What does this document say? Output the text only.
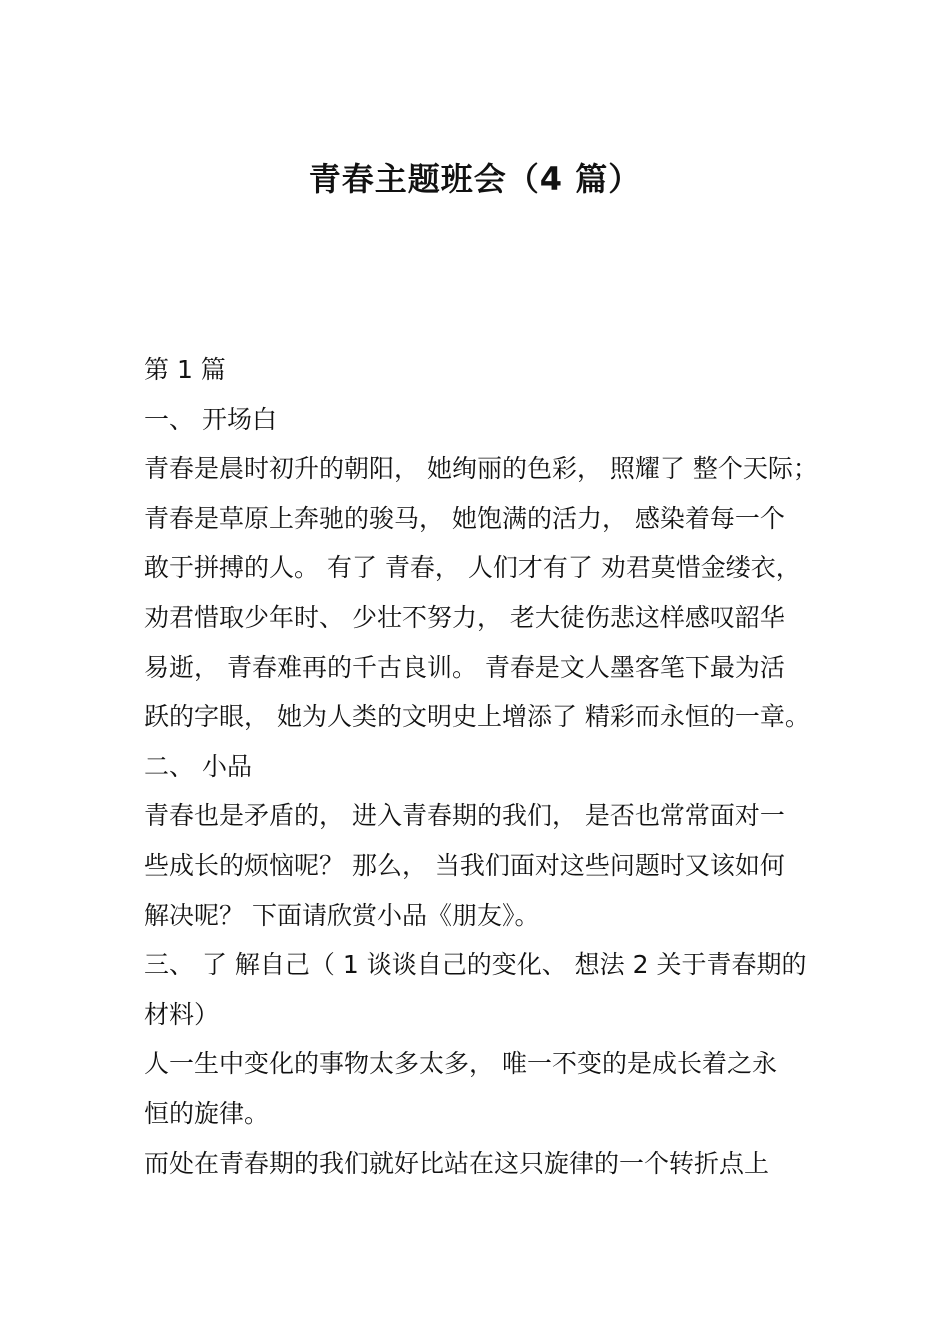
青春主题班会（4 篇）

第 1 篇

一、 开场白

青春是晨时初升的朝阳， 她绚丽的色彩， 照耀了 整个天际；

青春是草原上奔驰的骏马， 她饱满的活力， 感染着每一个

敢于拼搏的人。 有了 青春， 人们才有了 劝君莫惜金缕衣，

劝君惜取少年时、 少壮不努力， 老大徒伤悲这样感叹韶华

易逝， 青春难再的千古良训。 青春是文人墨客笔下最为活

跃的字眼， 她为人类的文明史上增添了 精彩而永恒的一章。

二、 小品

青春也是矛盾的， 进入青春期的我们， 是否也常常面对一

些成长的烦恼呢？ 那么， 当我们面对这些问题时又该如何

解决呢？ 下面请欣赏小品《朋友》。

三、 了 解自己（ 1 谈谈自己的变化、 想法 2 关于青春期的

材料）

人一生中变化的事物太多太多， 唯一不变的是成长着之永

恒的旋律。

而处在青春期的我们就好比站在这只旋律的一个转折点上
